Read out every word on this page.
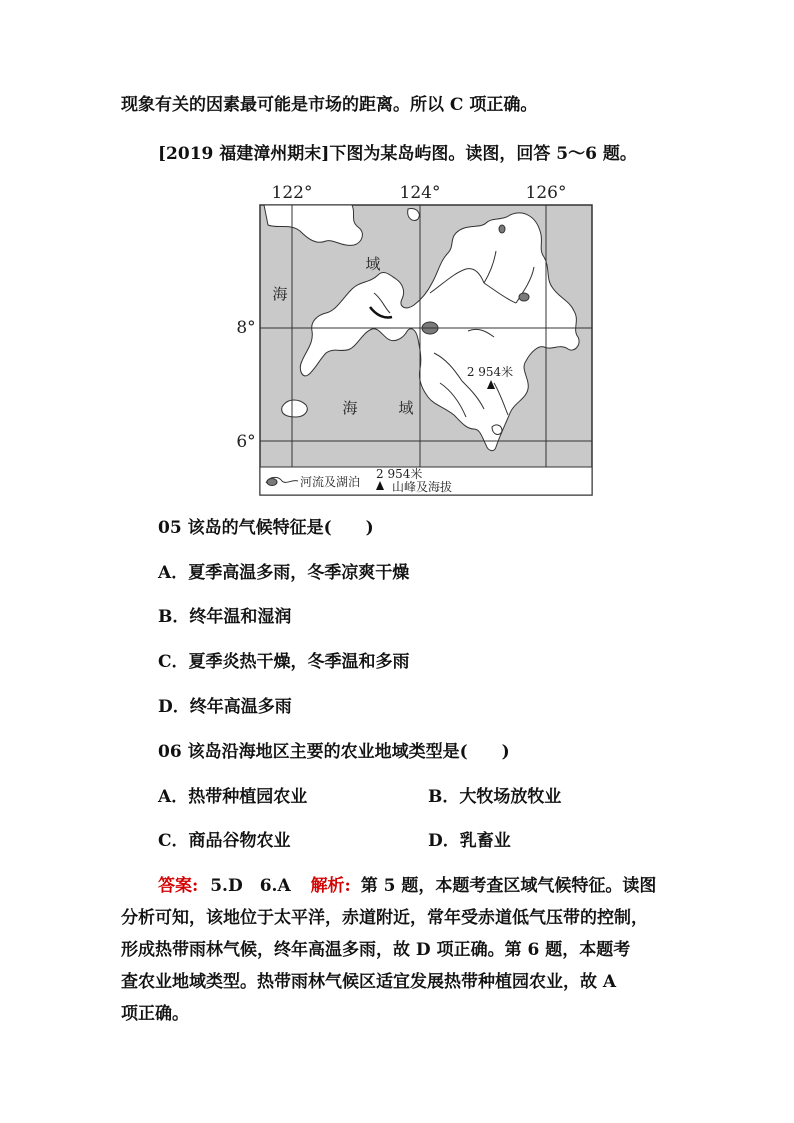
现象有关的因素最可能是市场的距离。所以 C 项正确。
[2019 福建漳州期末]下图为某岛屿图。读图，回答 5～6 题。
122°	124°	126°
8°
6°
域
海
海	域
2 954米
河流及湖泊
2 954米
山峰及海拔
05 该岛的气候特征是(　　)
A．夏季高温多雨，冬季凉爽干燥
B．终年温和湿润
C．夏季炎热干燥，冬季温和多雨
D．终年高温多雨
06 该岛沿海地区主要的农业地域类型是(　　)
A．热带种植园农业	B．大牧场放牧业
C．商品谷物农业	D．乳畜业
答案: 5.D　6.A 解析: 第 5 题，本题考查区域气候特征。读图
分析可知，该地位于太平洋，赤道附近，常年受赤道低气压带的控制，
形成热带雨林气候，终年高温多雨，故 D 项正确。第 6 题，本题考
查农业地域类型。热带雨林气候区适宜发展热带种植园农业，故 A
项正确。
